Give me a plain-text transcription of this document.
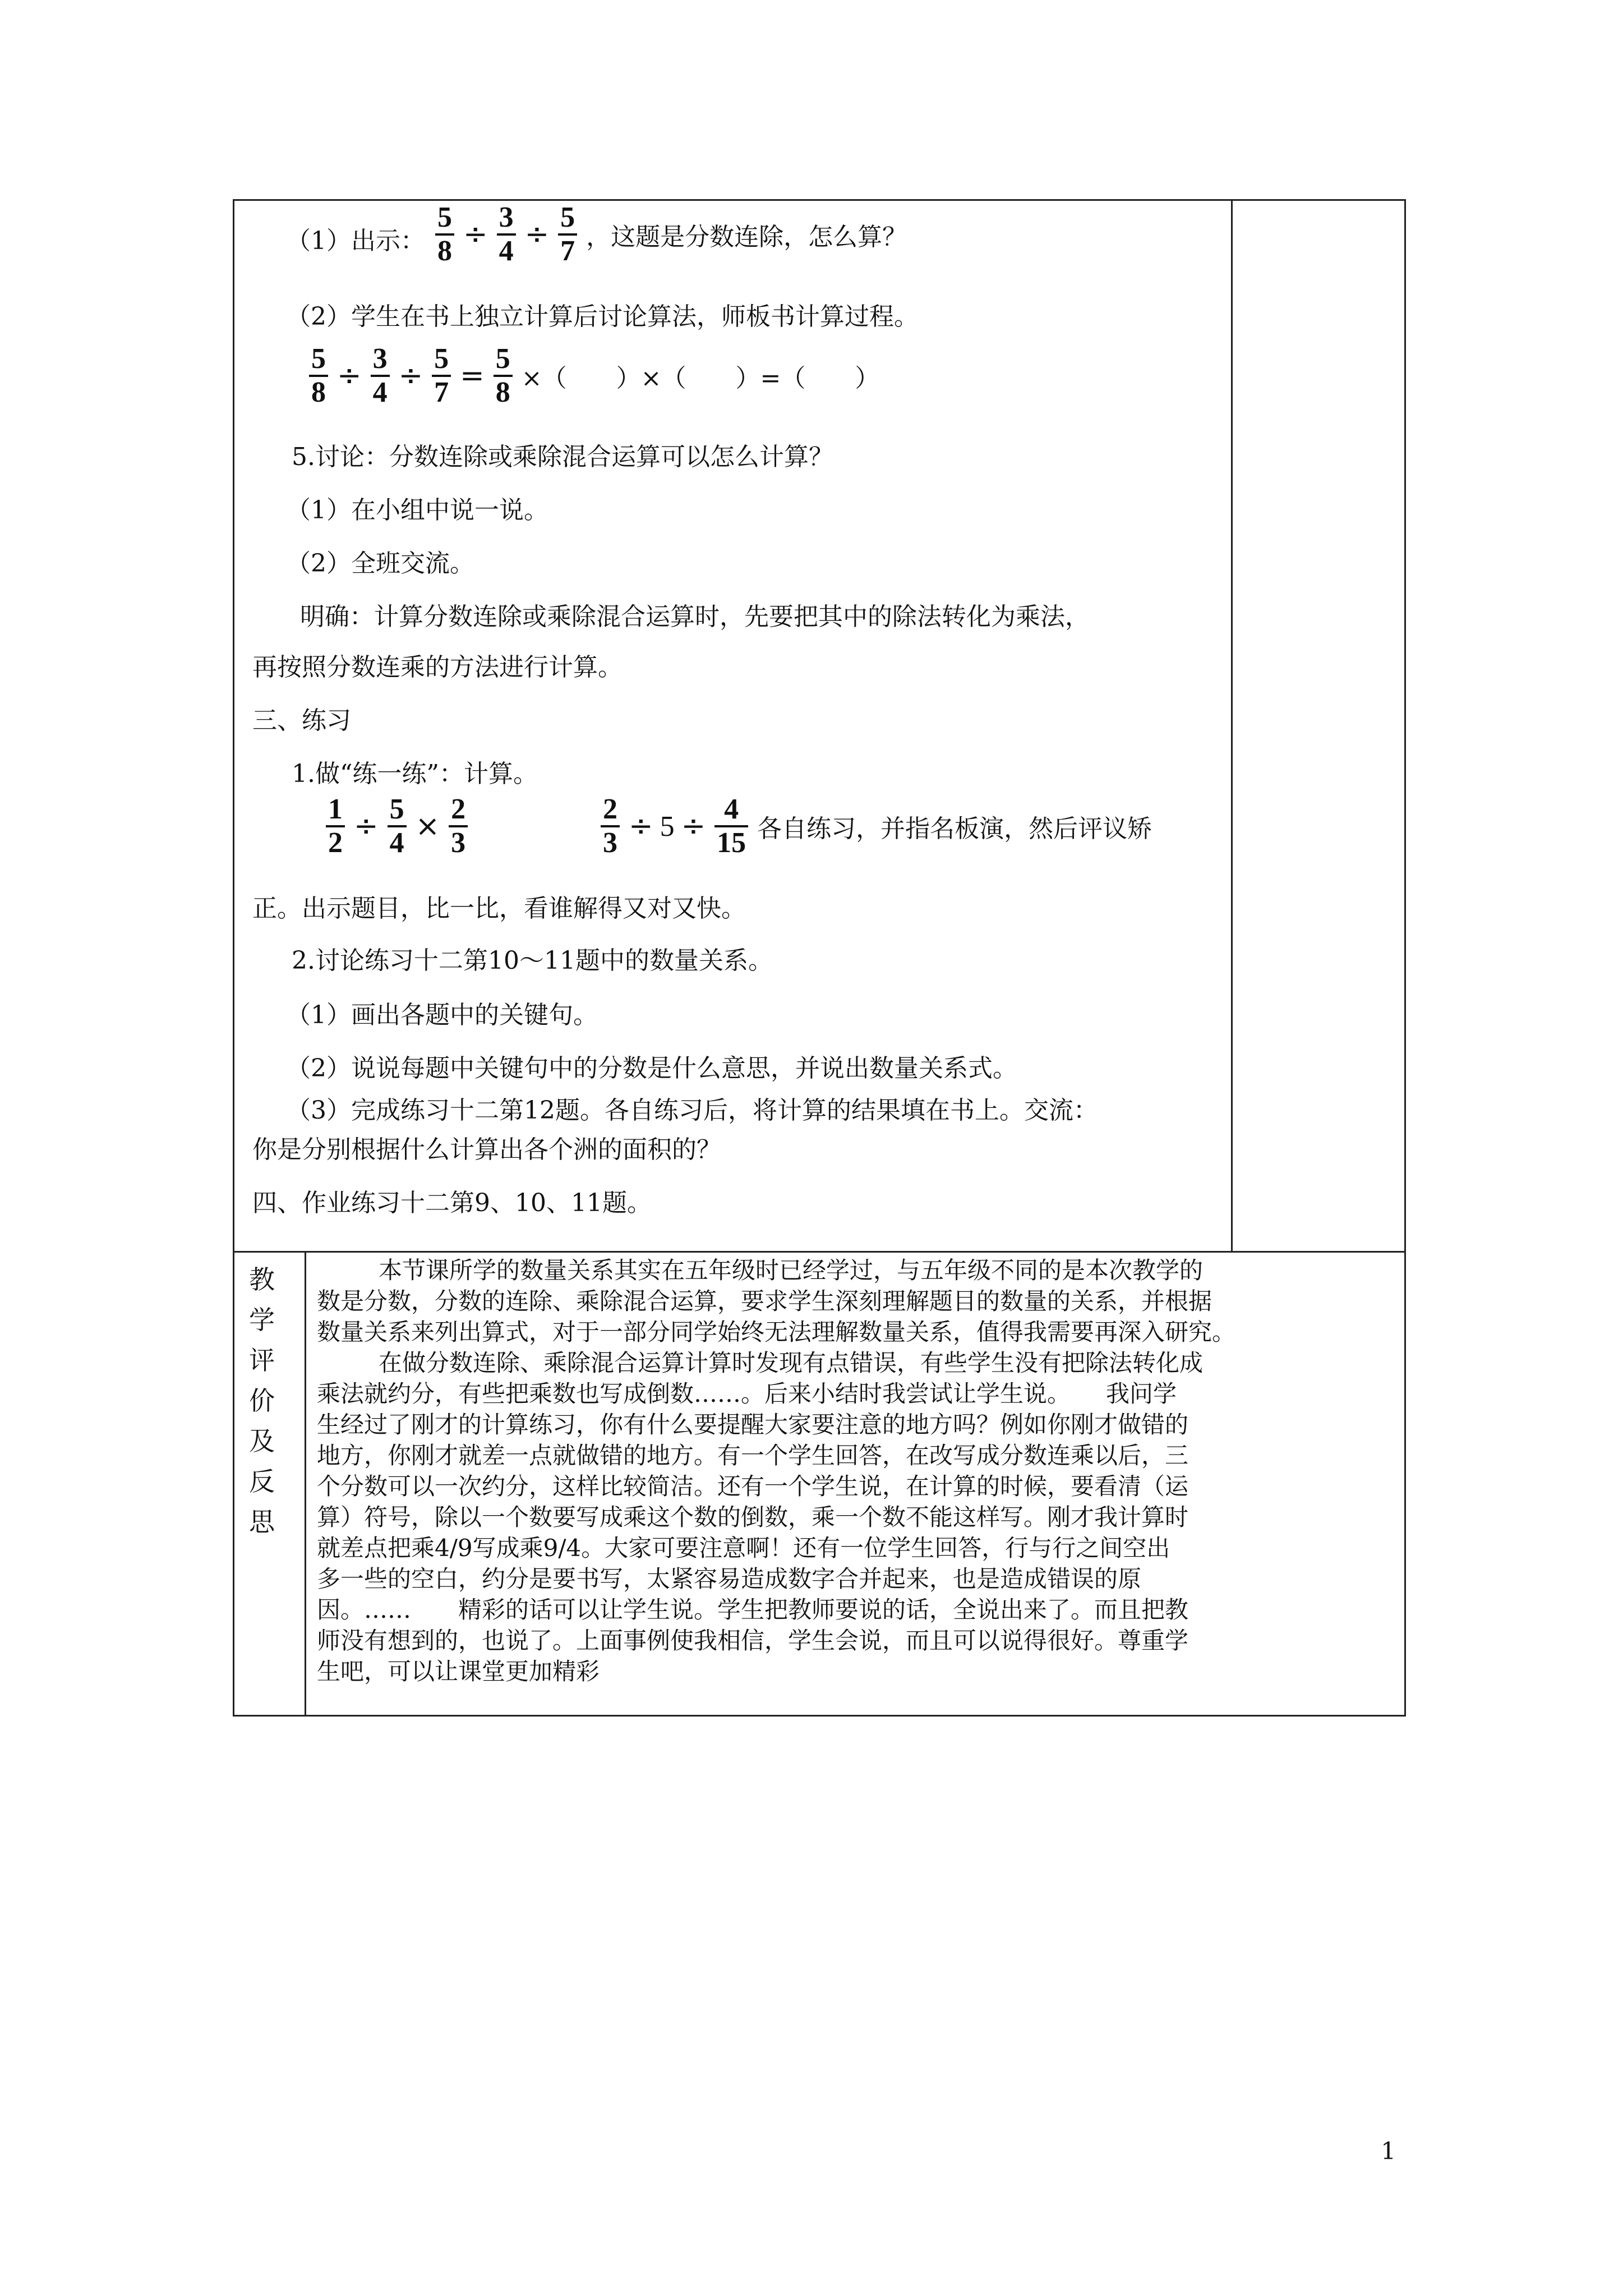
（1）出示： $\frac{5}{8} \div \frac{3}{4} \div \frac{5}{7}$ ，这题是分数连除，怎么算？
（2）学生在书上独立计算后讨论算法，师板书计算过程。
$\frac{5}{8} \div \frac{3}{4} \div \frac{5}{7} = \frac{5}{8}$ ×（　　）×（　　）=（　　）
5.讨论：分数连除或乘除混合运算可以怎么计算？
（1）在小组中说一说。
（2）全班交流。
明确：计算分数连除或乘除混合运算时，先要把其中的除法转化为乘法，
再按照分数连乘的方法进行计算。
三、练习
1.做“练一练”：计算。
$\frac{1}{2} \div \frac{5}{4} \times \frac{2}{3}$	$\frac{2}{3} \div 5 \div \frac{4}{15}$ 各自练习，并指名板演，然后评议矫
正。出示题目，比一比，看谁解得又对又快。
2.讨论练习十二第10～11题中的数量关系。
（1）画出各题中的关键句。
（2）说说每题中关键句中的分数是什么意思，并说出数量关系式。
（3）完成练习十二第12题。各自练习后，将计算的结果填在书上。交流：
你是分别根据什么计算出各个洲的面积的？
四、作业练习十二第9、10、11题。
教
学
评
价
及
反
思
本节课所学的数量关系其实在五年级时已经学过，与五年级不同的是本次教学的
数是分数，分数的连除、乘除混合运算，要求学生深刻理解题目的数量的关系，并根据
数量关系来列出算式，对于一部分同学始终无法理解数量关系，值得我需要再深入研究。
在做分数连除、乘除混合运算计算时发现有点错误，有些学生没有把除法转化成
乘法就约分，有些把乘数也写成倒数……。后来小结时我尝试让学生说。　　我问学
生经过了刚才的计算练习，你有什么要提醒大家要注意的地方吗？例如你刚才做错的
地方，你刚才就差一点就做错的地方。有一个学生回答，在改写成分数连乘以后，三
个分数可以一次约分，这样比较简洁。还有一个学生说，在计算的时候，要看清（运
算）符号，除以一个数要写成乘这个数的倒数，乘一个数不能这样写。刚才我计算时
就差点把乘4/9写成乘9/4。大家可要注意啊！还有一位学生回答，行与行之间空出
多一些的空白，约分是要书写，太紧容易造成数字合并起来，也是造成错误的原
因。……　　精彩的话可以让学生说。学生把教师要说的话，全说出来了。而且把教
师没有想到的，也说了。上面事例使我相信，学生会说，而且可以说得很好。尊重学
生吧，可以让课堂更加精彩
1
